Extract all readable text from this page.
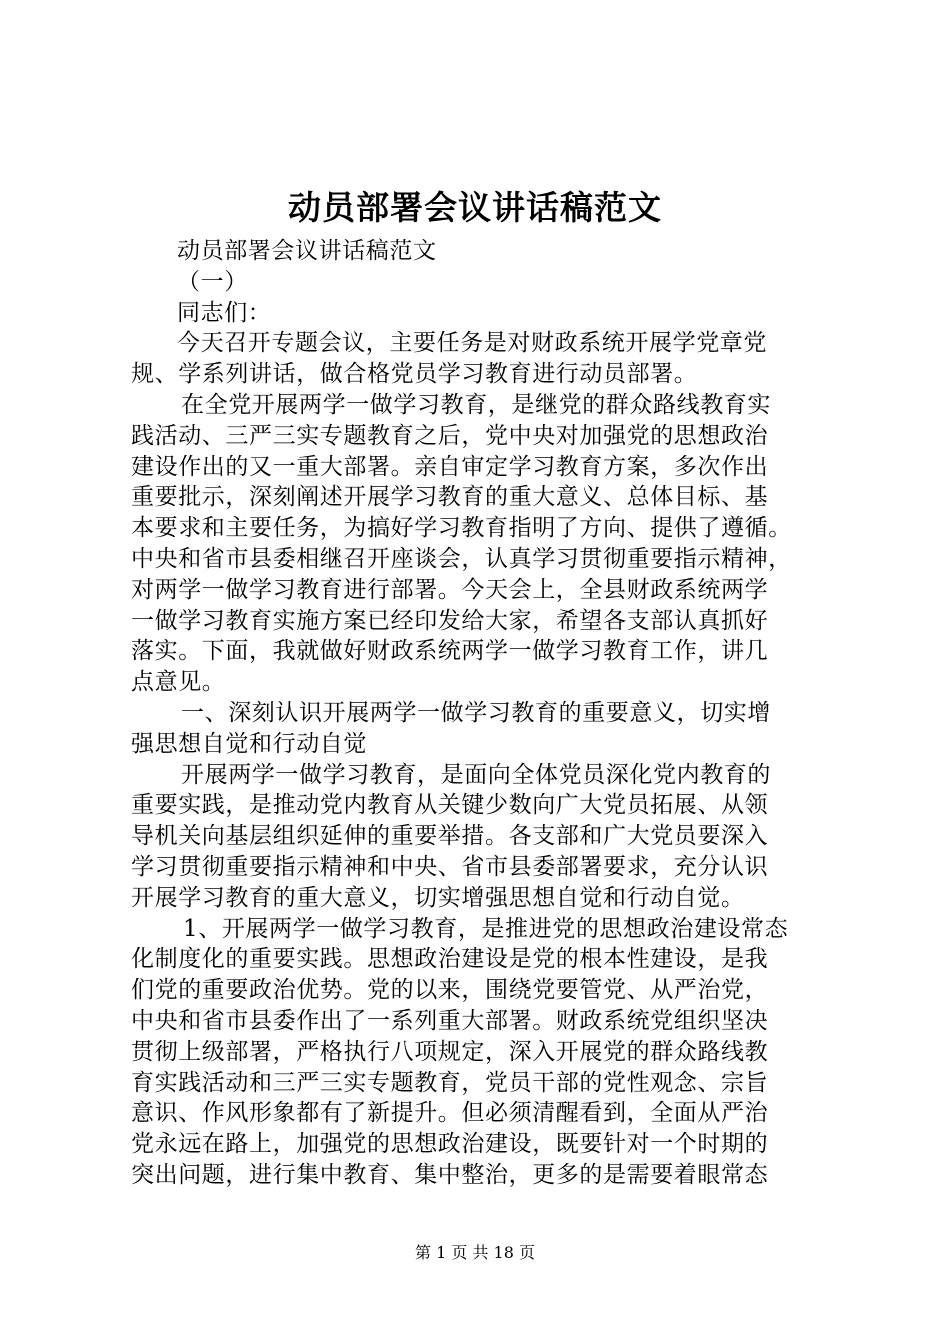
动员部署会议讲话稿范文
动员部署会议讲话稿范文
（一）
同志们：
今天召开专题会议，主要任务是对财政系统开展学党章党
规、学系列讲话，做合格党员学习教育进行动员部署。
在全党开展两学一做学习教育，是继党的群众路线教育实
践活动、三严三实专题教育之后，党中央对加强党的思想政治
建设作出的又一重大部署。亲自审定学习教育方案，多次作出
重要批示，深刻阐述开展学习教育的重大意义、总体目标、基
本要求和主要任务，为搞好学习教育指明了方向、提供了遵循。
中央和省市县委相继召开座谈会，认真学习贯彻重要指示精神，
对两学一做学习教育进行部署。今天会上，全县财政系统两学
一做学习教育实施方案已经印发给大家，希望各支部认真抓好
落实。下面，我就做好财政系统两学一做学习教育工作，讲几
点意见。
一、深刻认识开展两学一做学习教育的重要意义，切实增
强思想自觉和行动自觉
开展两学一做学习教育，是面向全体党员深化党内教育的
重要实践，是推动党内教育从关键少数向广大党员拓展、从领
导机关向基层组织延伸的重要举措。各支部和广大党员要深入
学习贯彻重要指示精神和中央、省市县委部署要求，充分认识
开展学习教育的重大意义，切实增强思想自觉和行动自觉。
1、开展两学一做学习教育，是推进党的思想政治建设常态
化制度化的重要实践。思想政治建设是党的根本性建设，是我
们党的重要政治优势。党的以来，围绕党要管党、从严治党，
中央和省市县委作出了一系列重大部署。财政系统党组织坚决
贯彻上级部署，严格执行八项规定，深入开展党的群众路线教
育实践活动和三严三实专题教育，党员干部的党性观念、宗旨
意识、作风形象都有了新提升。但必须清醒看到，全面从严治
党永远在路上，加强党的思想政治建设，既要针对一个时期的
突出问题，进行集中教育、集中整治，更多的是需要着眼常态
第 1 页 共 18 页
